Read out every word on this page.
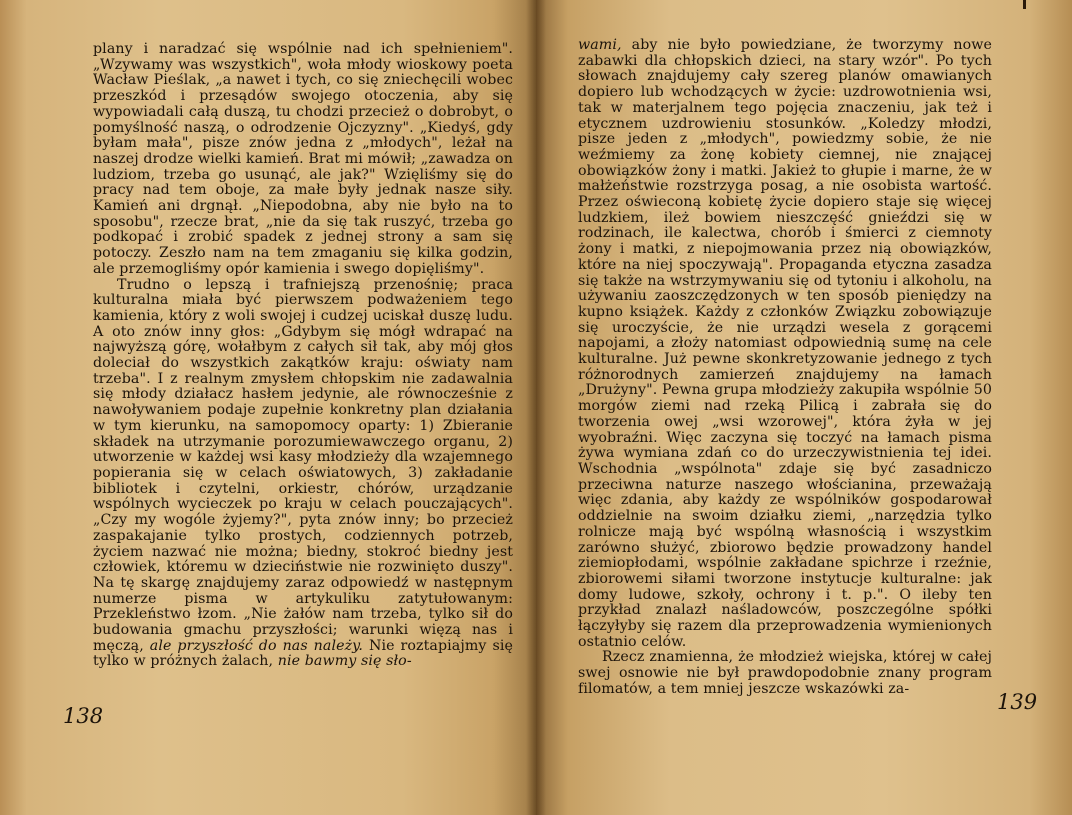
plany i naradzać się wspólnie nad ich spełnieniem". „Wzywamy was wszystkich", woła młody wioskowy poeta Wacław Pieślak, „a nawet i tych, co się zniechęcili wobec przeszkód i przesądów swojego otoczenia, aby się wypowiadali całą duszą, tu chodzi przecież o dobrobyt, o pomyślność naszą, o odrodzenie Ojczyzny". „Kiedyś, gdy byłam mała", pisze znów jedna z „młodych", leżał na naszej drodze wielki kamień. Brat mi mówił; „zawadza on ludziom, trzeba go usunąć, ale jak?" Wzięliśmy się do pracy nad tem oboje, za małe były jednak nasze siły. Kamień ani drgnął. „Niepodobna, aby nie było na to sposobu", rzecze brat, „nie da się tak ruszyć, trzeba go podkopać i zrobić spadek z jednej strony a sam się potoczy. Zeszło nam na tem zmaganiu się kilka godzin, ale przemogliśmy opór kamienia i swego dopięliśmy".

Trudno o lepszą i trafniejszą przenośnię; praca kulturalna miała być pierwszem podważeniem tego kamienia, który z woli swojej i cudzej uciskał duszę ludu. A oto znów inny głos: „Gdybym się mógł wdrapać na najwyższą górę, wołałbym z całych sił tak, aby mój głos doleciał do wszystkich zakątków kraju: oświaty nam trzeba". I z realnym zmysłem chłopskim nie zadawalnia się młody działacz hasłem jedynie, ale równocześnie z nawoływaniem podaje zupełnie konkretny plan działania w tym kierunku, na samopomocy oparty: 1) Zbieranie składek na utrzymanie porozumiewawczego organu, 2) utworzenie w każdej wsi kasy młodzieży dla wzajemnego popierania się w celach oświatowych, 3) zakładanie bibliotek i czytelni, orkiestr, chórów, urządzanie wspólnych wycieczek po kraju w celach pouczających". „Czy my wogóle żyjemy?", pyta znów inny; bo przecież zaspakajanie tylko prostych, codziennych potrzeb, życiem nazwać nie można; biedny, stokroć biedny jest człowiek, któremu w dzieciństwie nie rozwinięto duszy". Na tę skargę znajdujemy zaraz odpowiedź w następnym numerze pisma w artykuliku zatytułowanym: Przekleństwo łzom. „Nie żałów nam trzeba, tylko sił do budowania gmachu przyszłości; warunki więzą nas i męczą, ale przyszłość do nas należy. Nie roztapiajmy się tylko w próżnych żalach, nie bawmy się sło-

138

wami, aby nie było powiedziane, że tworzymy nowe zabawki dla chłopskich dzieci, na stary wzór". Po tych słowach znajdujemy cały szereg planów omawianych dopiero lub wchodzących w życie: uzdrowotnienia wsi, tak w materjalnem tego pojęcia znaczeniu, jak też i etycznem uzdrowieniu stosunków. „Koledzy młodzi, pisze jeden z „młodych", powiedzmy sobie, że nie weźmiemy za żonę kobiety ciemnej, nie znającej obowiązków żony i matki. Jakież to głupie i marne, że w małżeństwie rozstrzyga posag, a nie osobista wartość. Przez oświeconą kobietę życie dopiero staje się więcej ludzkiem, ileż bowiem nieszczęść gnieździ się w rodzinach, ile kalectwa, chorób i śmierci z ciemnoty żony i matki, z niepojmowania przez nią obowiązków, które na niej spoczywają". Propaganda etyczna zasadza się także na wstrzymywaniu się od tytoniu i alkoholu, na używaniu zaoszczędzonych w ten sposób pieniędzy na kupno książek. Każdy z członków Związku zobowiązuje się uroczyście, że nie urządzi wesela z gorącemi napojami, a złoży natomiast odpowiednią sumę na cele kulturalne. Już pewne skonkretyzowanie jednego z tych różnorodnych zamierzeń znajdujemy na łamach „Drużyny". Pewna grupa młodzieży zakupiła wspólnie 50 morgów ziemi nad rzeką Pilicą i zabrała się do tworzenia owej „wsi wzorowej", która żyła w jej wyobraźni. Więc zaczyna się toczyć na łamach pisma żywa wymiana zdań co do urzeczywistnienia tej idei. Wschodnia „wspólnota" zdaje się być zasadniczo przeciwna naturze naszego włościanina, przeważają więc zdania, aby każdy ze wspólników gospodarował oddzielnie na swoim działku ziemi, „narzędzia tylko rolnicze mają być wspólną własnością i wszystkim zarówno służyć, zbiorowo będzie prowadzony handel ziemiopłodami, wspólnie zakładane spichrze i rzeźnie, zbiorowemi siłami tworzone instytucje kulturalne: jak domy ludowe, szkoły, ochrony i t. p.". O ileby ten przykład znalazł naśladowców, poszczególne spółki łączyłyby się razem dla przeprowadzenia wymienionych ostatnio celów.

Rzecz znamienna, że młodzież wiejska, której w całej swej osnowie nie był prawdopodobnie znany program filomatów, a tem mniej jeszcze wskazówki za-

139
